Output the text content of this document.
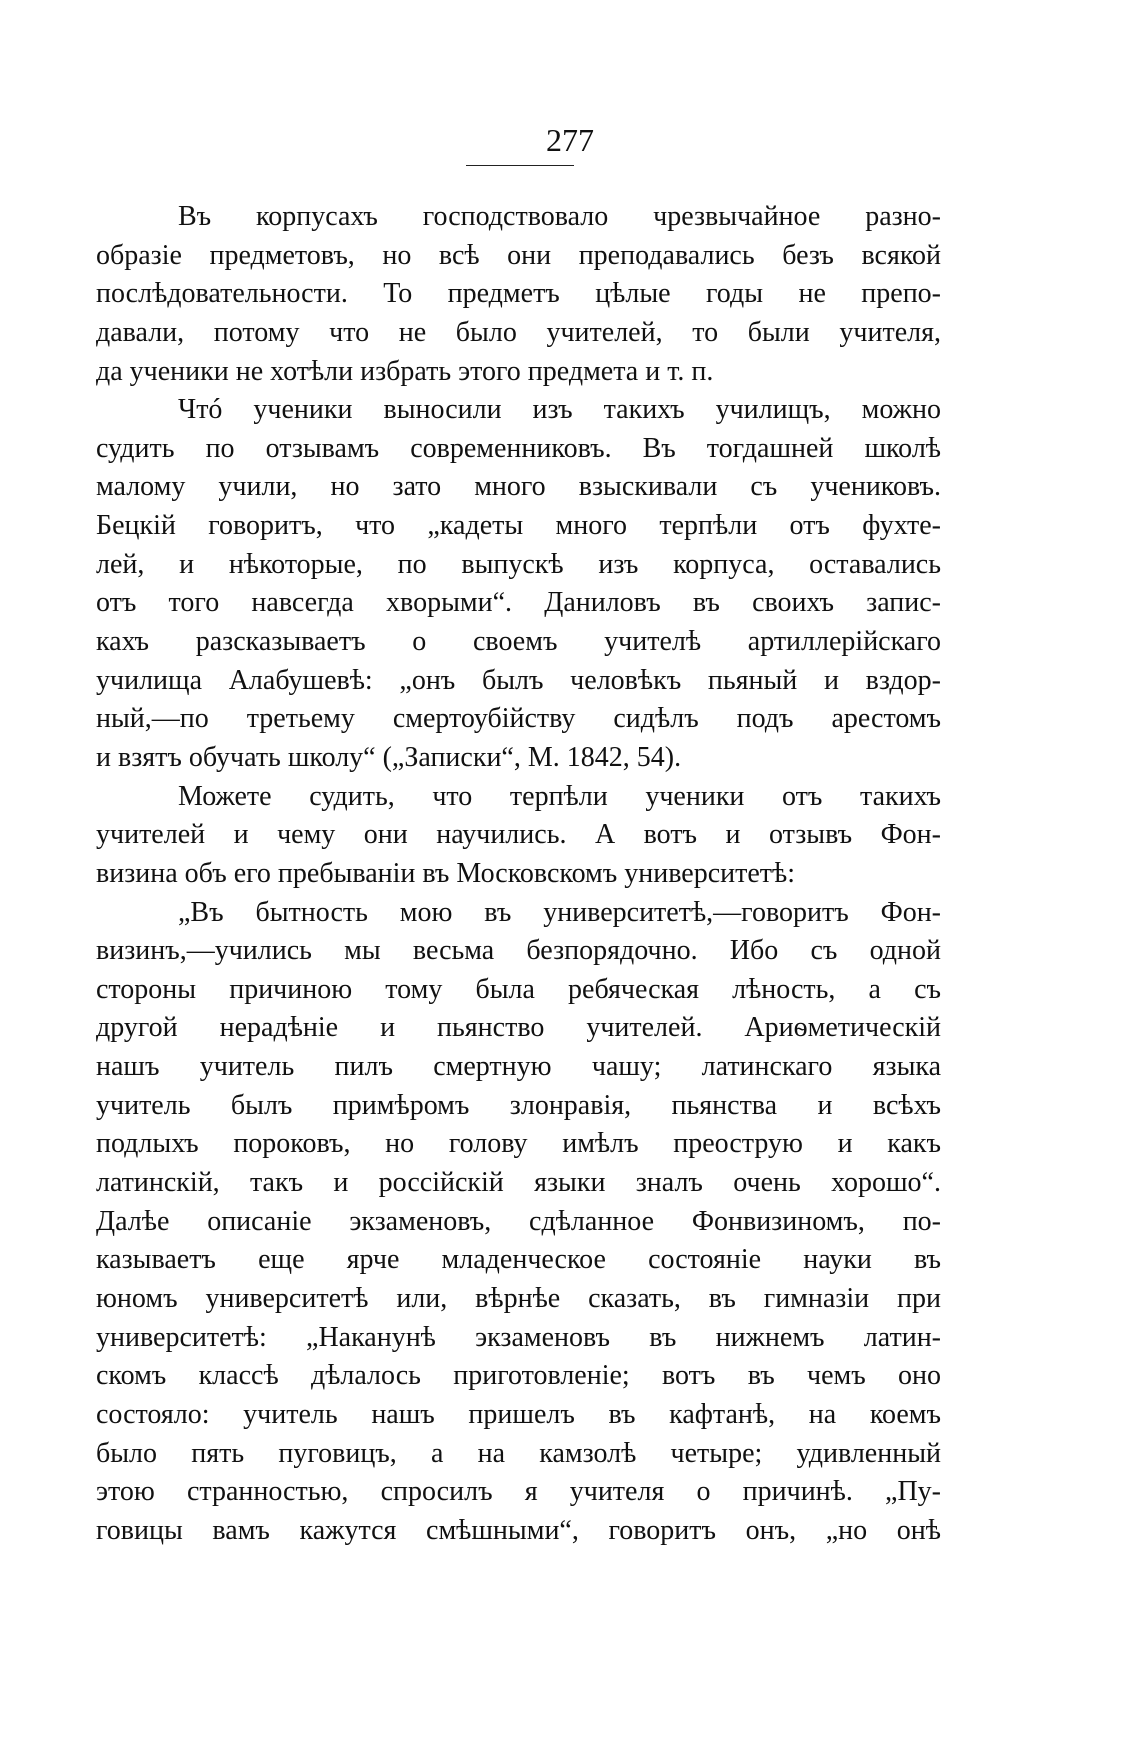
277
Въ корпусахъ господствовало чрезвычайное разно-
образіе предметовъ, но всѣ они преподавались безъ всякой
послѣдовательности. То предметъ цѣлые годы не препо-
давали, потому что не было учителей, то были учителя,
да ученики не хотѣли избрать этого предмета и т. п.
Чтó ученики выносили изъ такихъ училищъ, можно
судить по отзывамъ современниковъ. Въ тогдашней школѣ
малому учили, но зато много взыскивали съ учениковъ.
Бецкій говоритъ, что „кадеты много терпѣли отъ фухте-
лей, и нѣкоторые, по выпускѣ изъ корпуса, оставались
отъ того навсегда хворыми“. Даниловъ въ своихъ запис-
кахъ разсказываетъ о своемъ учителѣ артиллерійскаго
училища Алабушевѣ: „онъ былъ человѣкъ пьяный и вздор-
ный,—по третьему смертоубійству сидѣлъ подъ арестомъ
и взятъ обучать школу“ („Записки“, М. 1842, 54).
Можете судить, что терпѣли ученики отъ такихъ
учителей и чему они научились. А вотъ и отзывъ Фон-
визина объ его пребываніи въ Московскомъ университетѣ:
„Въ бытность мою въ университетѣ,—говоритъ Фон-
визинъ,—учились мы весьма безпорядочно. Ибо съ одной
стороны причиною тому была ребяческая лѣность, а съ
другой нерадѣніе и пьянство учителей. Ариѳметическій
нашъ учитель пилъ смертную чашу; латинскаго языка
учитель былъ примѣромъ злонравія, пьянства и всѣхъ
подлыхъ пороковъ, но голову имѣлъ преострую и какъ
латинскій, такъ и россійскій языки зналъ очень хорошо“.
Далѣе описаніе экзаменовъ, сдѣланное Фонвизиномъ, по-
казываетъ еще ярче младенческое состояніе науки въ
юномъ университетѣ или, вѣрнѣе сказать, въ гимназіи при
университетѣ: „Наканунѣ экзаменовъ въ нижнемъ латин-
скомъ классѣ дѣлалось приготовленіе; вотъ въ чемъ оно
состояло: учитель нашъ пришелъ въ кафтанѣ, на коемъ
было пять пуговицъ, а на камзолѣ четыре; удивленный
этою странностью, спросилъ я учителя о причинѣ. „Пу-
говицы вамъ кажутся смѣшными“, говоритъ онъ, „но онѣ
